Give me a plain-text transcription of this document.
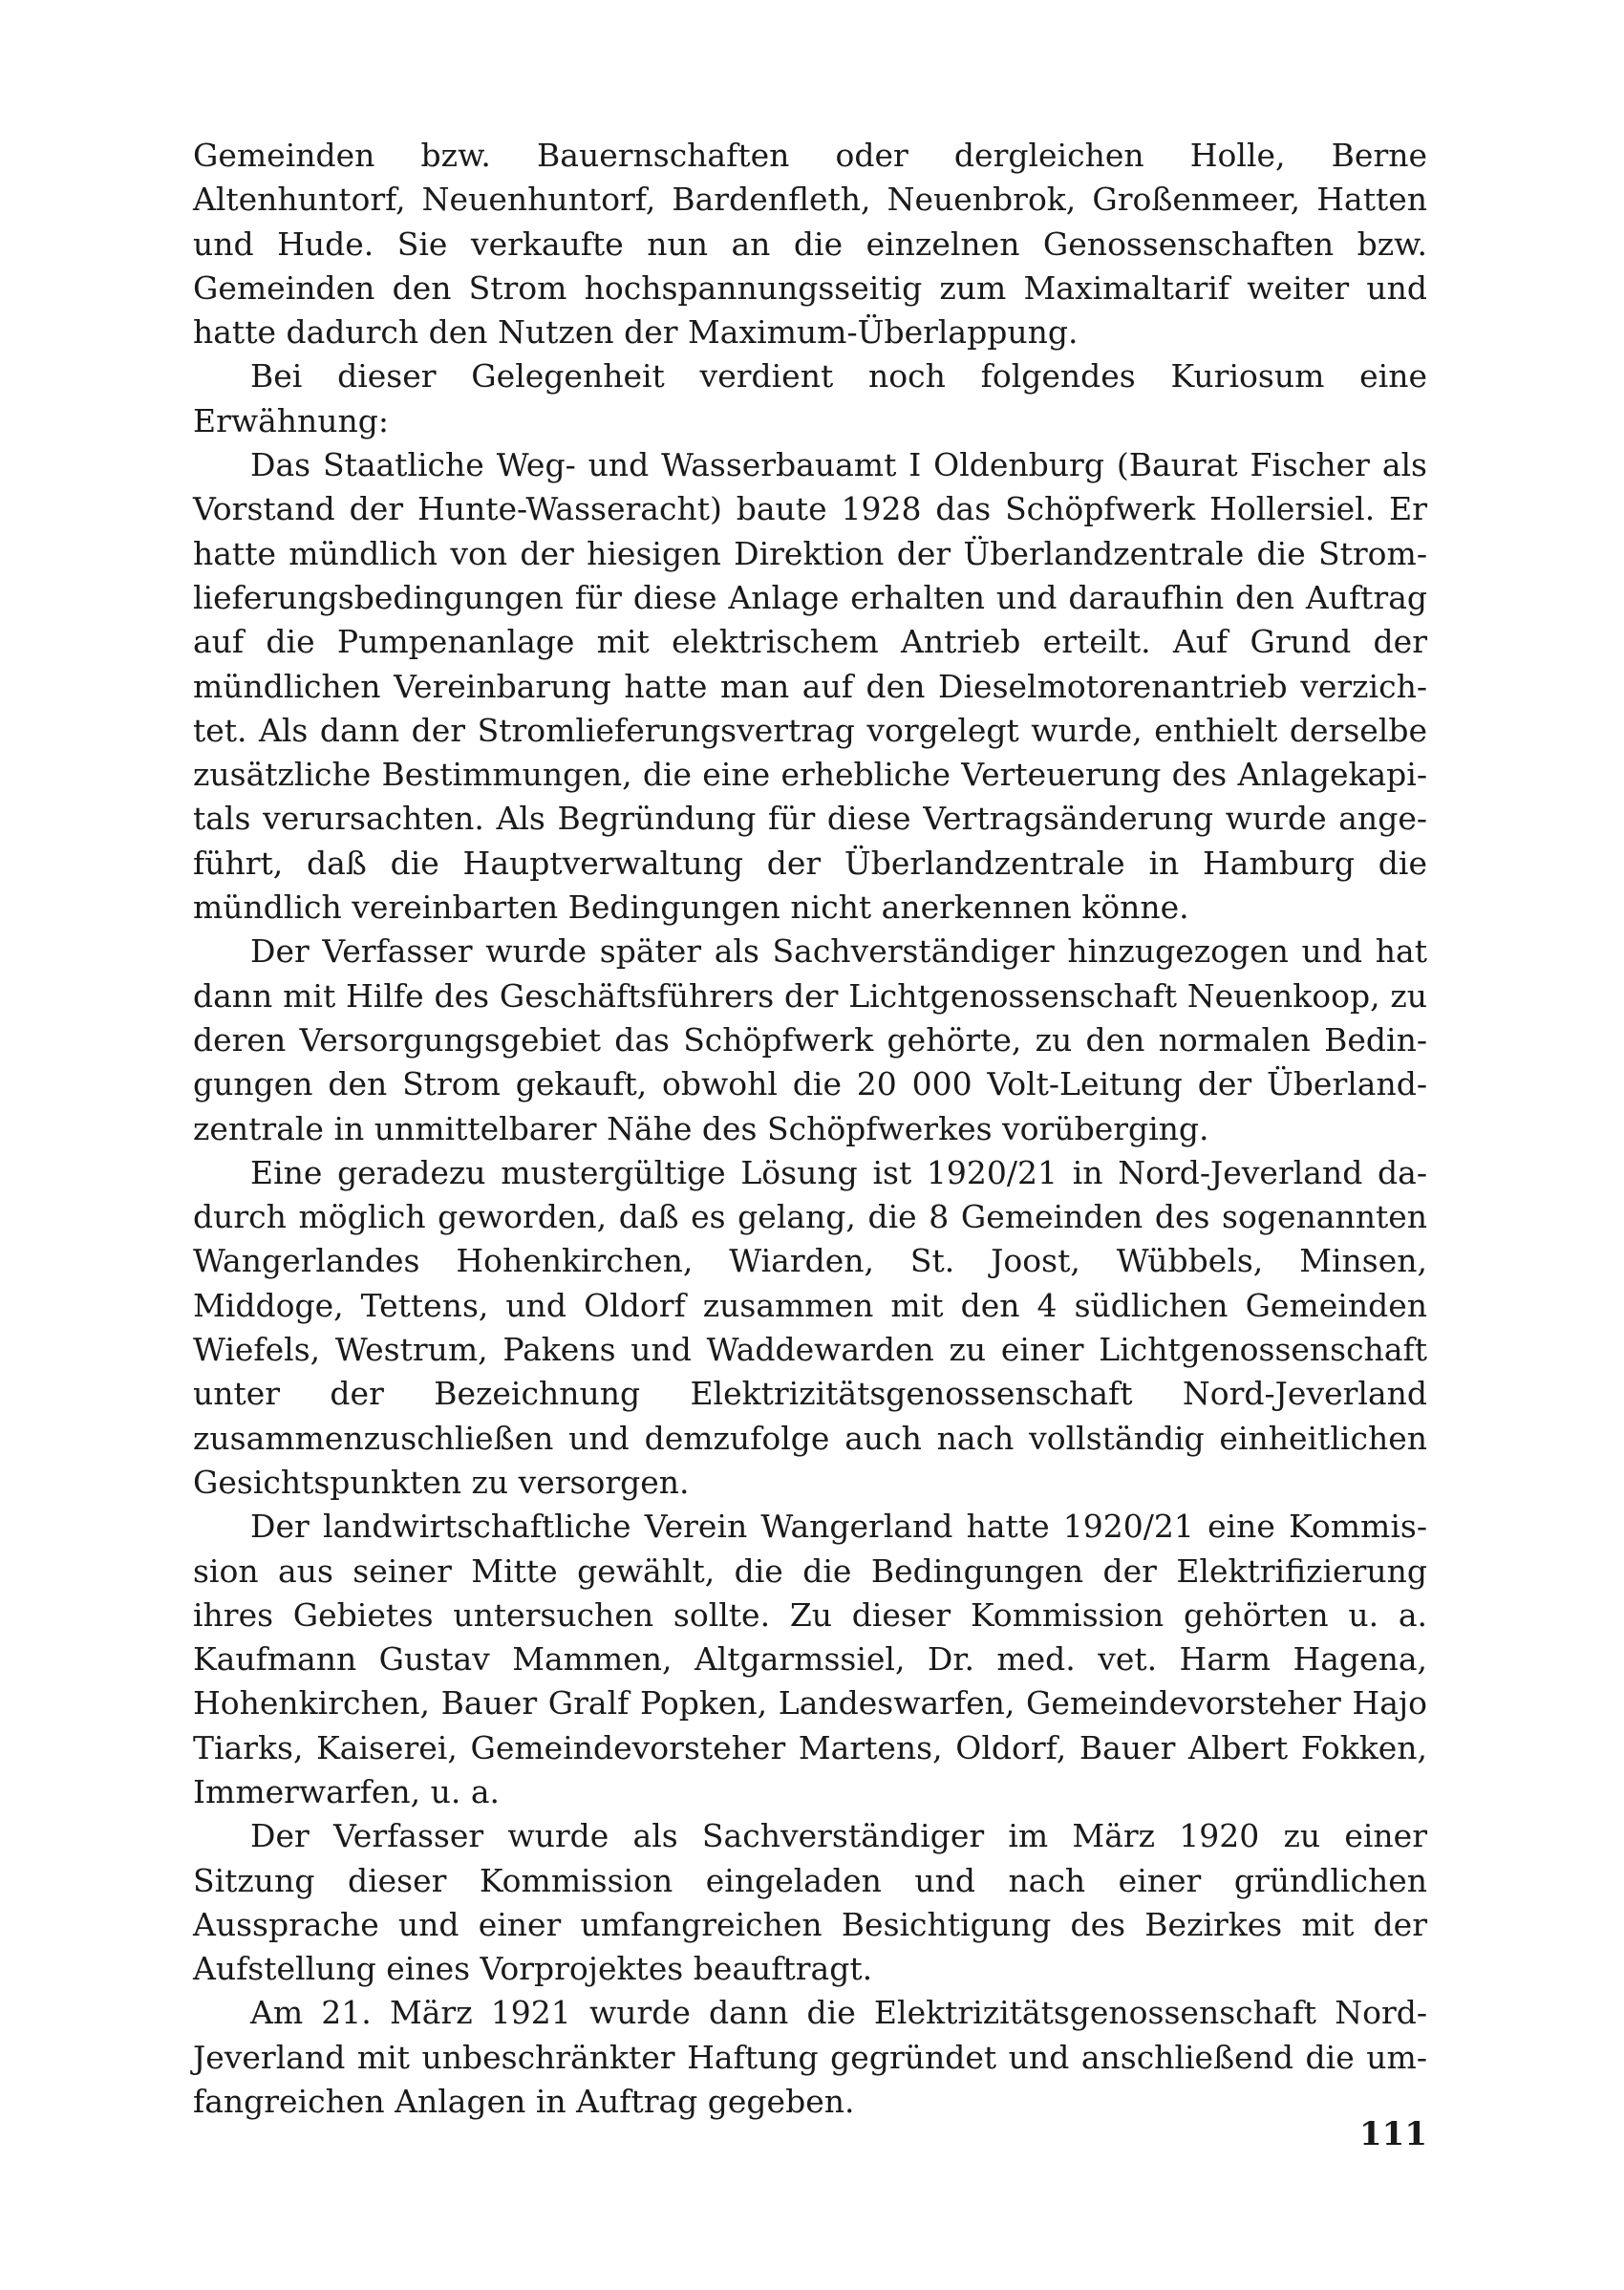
Gemeinden bzw. Bauernschaften oder dergleichen Holle, Berne Altenhuntorf, Neuenhuntorf, Bardenfleth, Neuenbrok, Großenmeer, Hatten und Hude. Sie verkaufte nun an die einzelnen Genossenschaften bzw. Gemeinden den Strom hochspannungsseitig zum Maximaltarif weiter und hatte dadurch den Nutzen der Maximum-Überlappung.

Bei dieser Gelegenheit verdient noch folgendes Kuriosum eine Erwähnung:

Das Staatliche Weg- und Wasserbauamt I Oldenburg (Baurat Fischer als Vorstand der Hunte-Wasseracht) baute 1928 das Schöpfwerk Hollersiel. Er hatte mündlich von der hiesigen Direktion der Überlandzentrale die Stromlieferungsbedingungen für diese Anlage erhalten und daraufhin den Auftrag auf die Pumpenanlage mit elektrischem Antrieb erteilt. Auf Grund der mündlichen Vereinbarung hatte man auf den Dieselmotorenantrieb verzichtet. Als dann der Stromlieferungsvertrag vorgelegt wurde, enthielt derselbe zusätzliche Bestimmungen, die eine erhebliche Verteuerung des Anlagekapitals verursachten. Als Begründung für diese Vertragsänderung wurde angeführt, daß die Hauptverwaltung der Überlandzentrale in Hamburg die mündlich vereinbarten Bedingungen nicht anerkennen könne.

Der Verfasser wurde später als Sachverständiger hinzugezogen und hat dann mit Hilfe des Geschäftsführers der Lichtgenossenschaft Neuenkoop, zu deren Versorgungsgebiet das Schöpfwerk gehörte, zu den normalen Bedingungen den Strom gekauft, obwohl die 20 000 Volt-Leitung der Überlandzentrale in unmittelbarer Nähe des Schöpfwerkes vorüberging.

Eine geradezu mustergültige Lösung ist 1920/21 in Nord-Jeverland dadurch möglich geworden, daß es gelang, die 8 Gemeinden des sogenannten Wangerlandes Hohenkirchen, Wiarden, St. Joost, Wübbels, Minsen, Middoge, Tettens, und Oldorf zusammen mit den 4 südlichen Gemeinden Wiefels, Westrum, Pakens und Waddewarden zu einer Lichtgenossenschaft unter der Bezeichnung Elektrizitätsgenossenschaft Nord-Jeverland zusammenzuschließen und demzufolge auch nach vollständig einheitlichen Gesichtspunkten zu versorgen.

Der landwirtschaftliche Verein Wangerland hatte 1920/21 eine Kommission aus seiner Mitte gewählt, die die Bedingungen der Elektrifizierung ihres Gebietes untersuchen sollte. Zu dieser Kommission gehörten u. a. Kaufmann Gustav Mammen, Altgarmssiel, Dr. med. vet. Harm Hagena, Hohenkirchen, Bauer Gralf Popken, Landeswarfen, Gemeindevorsteher Hajo Tiarks, Kaiserei, Gemeindevorsteher Martens, Oldorf, Bauer Albert Fokken, Immerwarfen, u. a.

Der Verfasser wurde als Sachverständiger im März 1920 zu einer Sitzung dieser Kommission eingeladen und nach einer gründlichen Aussprache und einer umfangreichen Besichtigung des Bezirkes mit der Aufstellung eines Vorprojektes beauftragt.

Am 21. März 1921 wurde dann die Elektrizitätsgenossenschaft Nord-Jeverland mit unbeschränkter Haftung gegründet und anschließend die umfangreichen Anlagen in Auftrag gegeben.

111
